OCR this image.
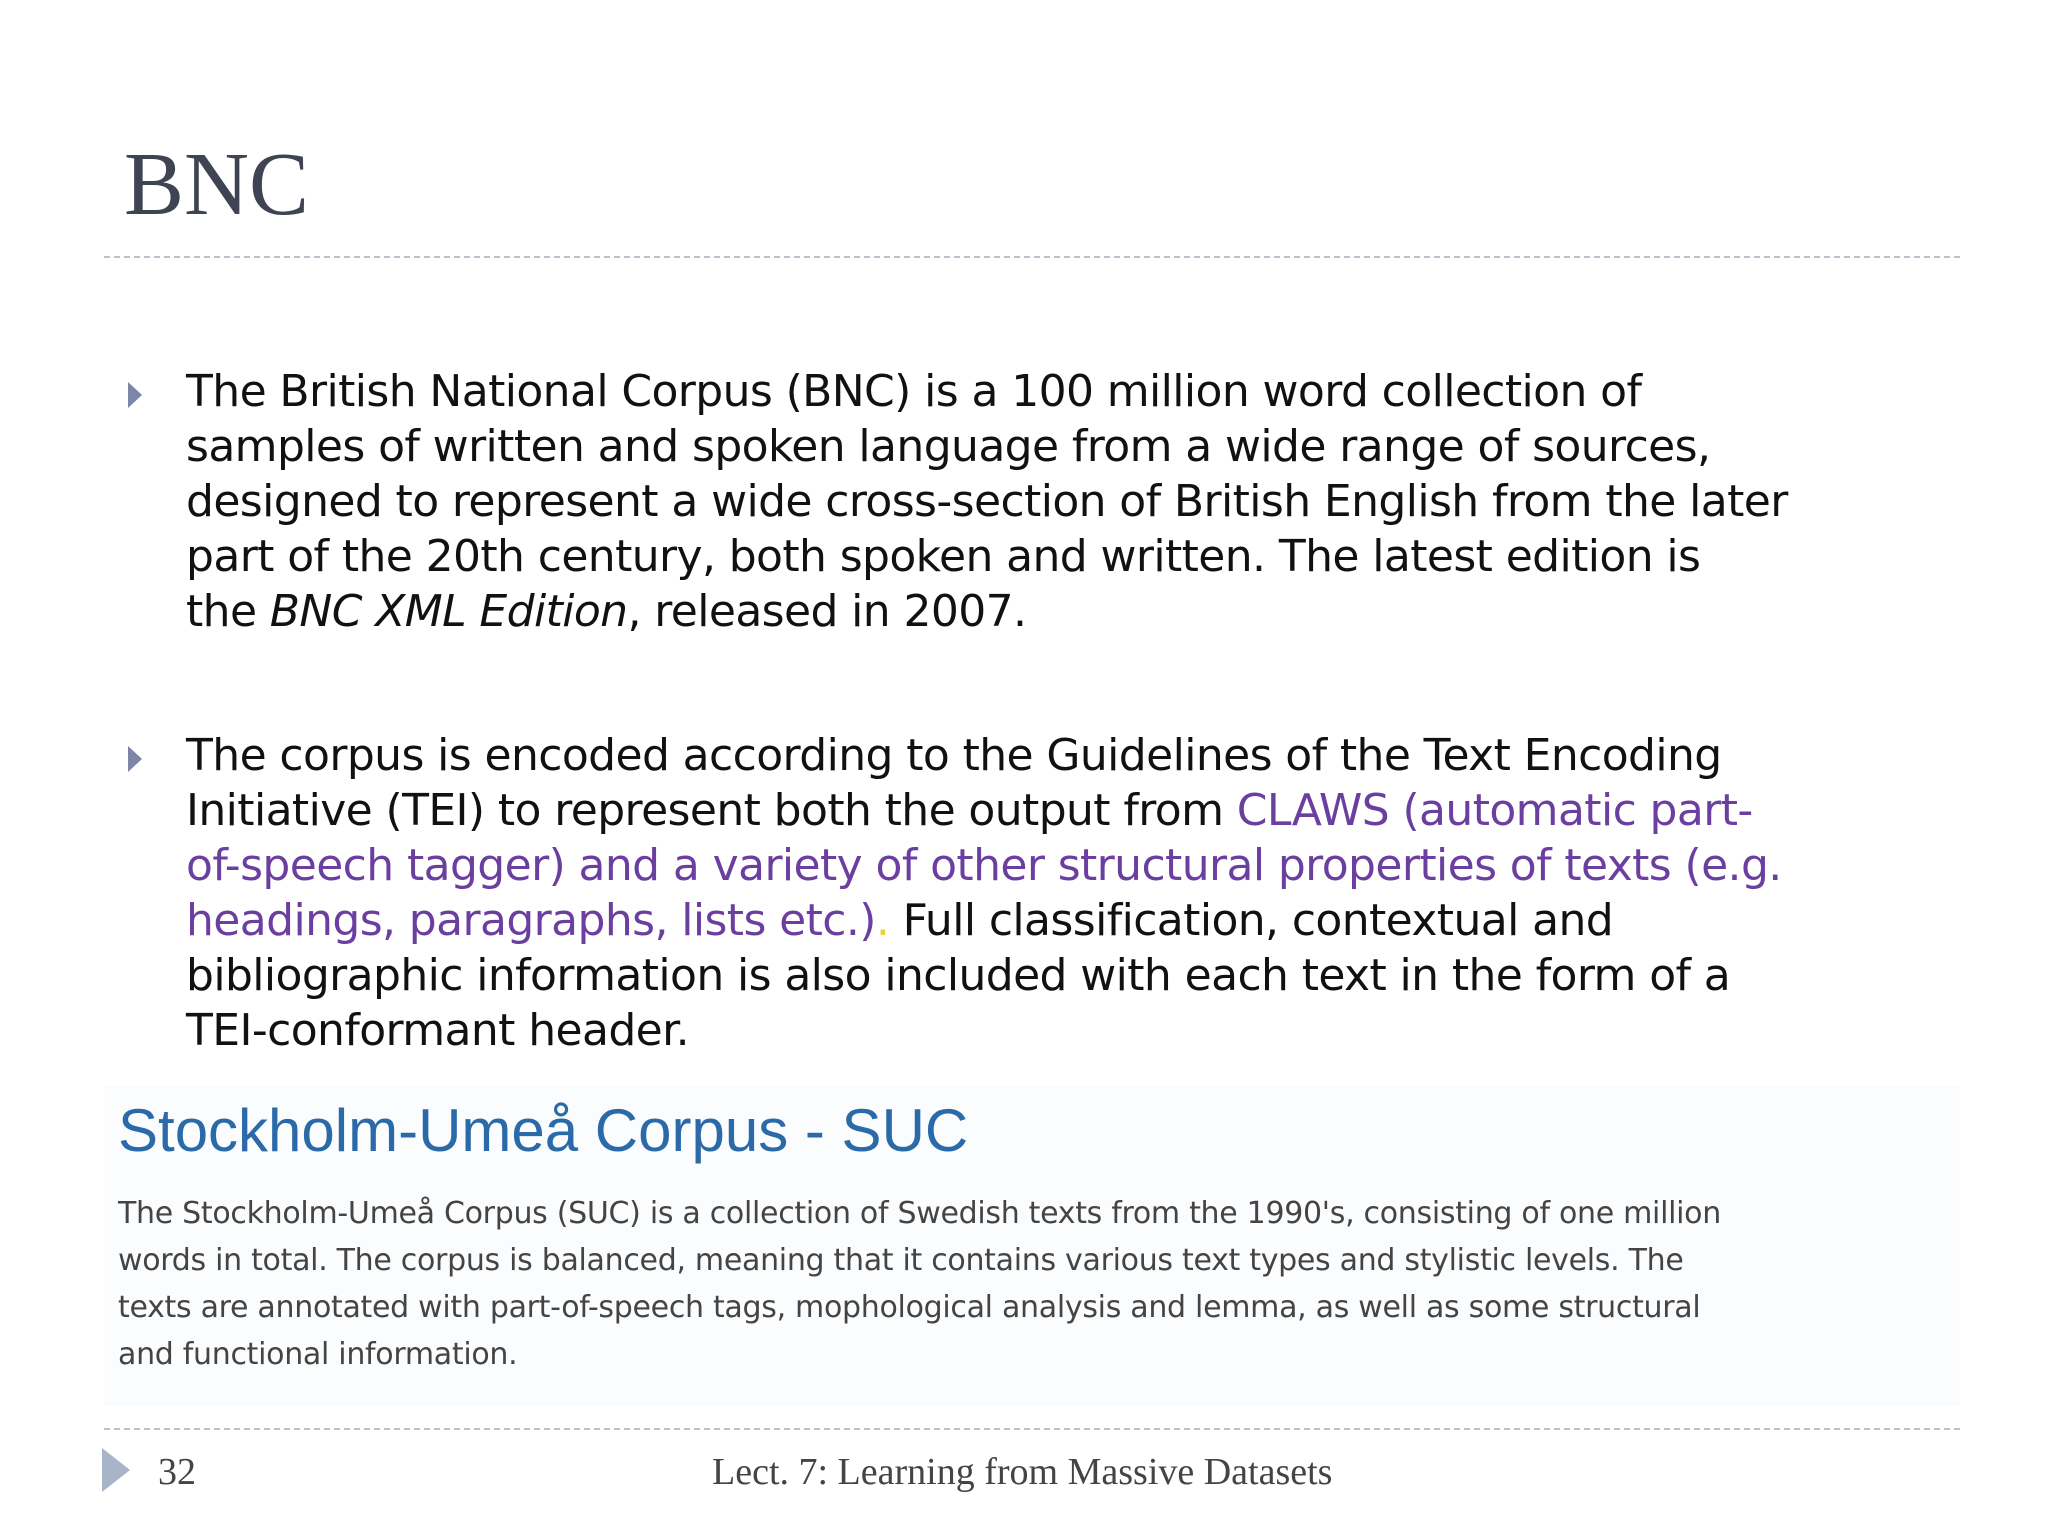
BNC
The British National Corpus (BNC) is a 100 million word collection of
samples of written and spoken language from a wide range of sources,
designed to represent a wide cross-section of British English from the later
part of the 20th century, both spoken and written. The latest edition is
the BNC XML Edition, released in 2007.
The corpus is encoded according to the Guidelines of the Text Encoding
Initiative (TEI) to represent both the output from CLAWS (automatic part-
of-speech tagger) and a variety of other structural properties of texts (e.g.
headings, paragraphs, lists etc.). Full classification, contextual and
bibliographic information is also included with each text in the form of a
TEI-conformant header.
Stockholm-Umeå Corpus - SUC
The Stockholm-Umeå Corpus (SUC) is a collection of Swedish texts from the 1990's, consisting of one million
words in total. The corpus is balanced, meaning that it contains various text types and stylistic levels. The
texts are annotated with part-of-speech tags, mophological analysis and lemma, as well as some structural
and functional information.
32	Lect. 7: Learning from Massive Datasets
